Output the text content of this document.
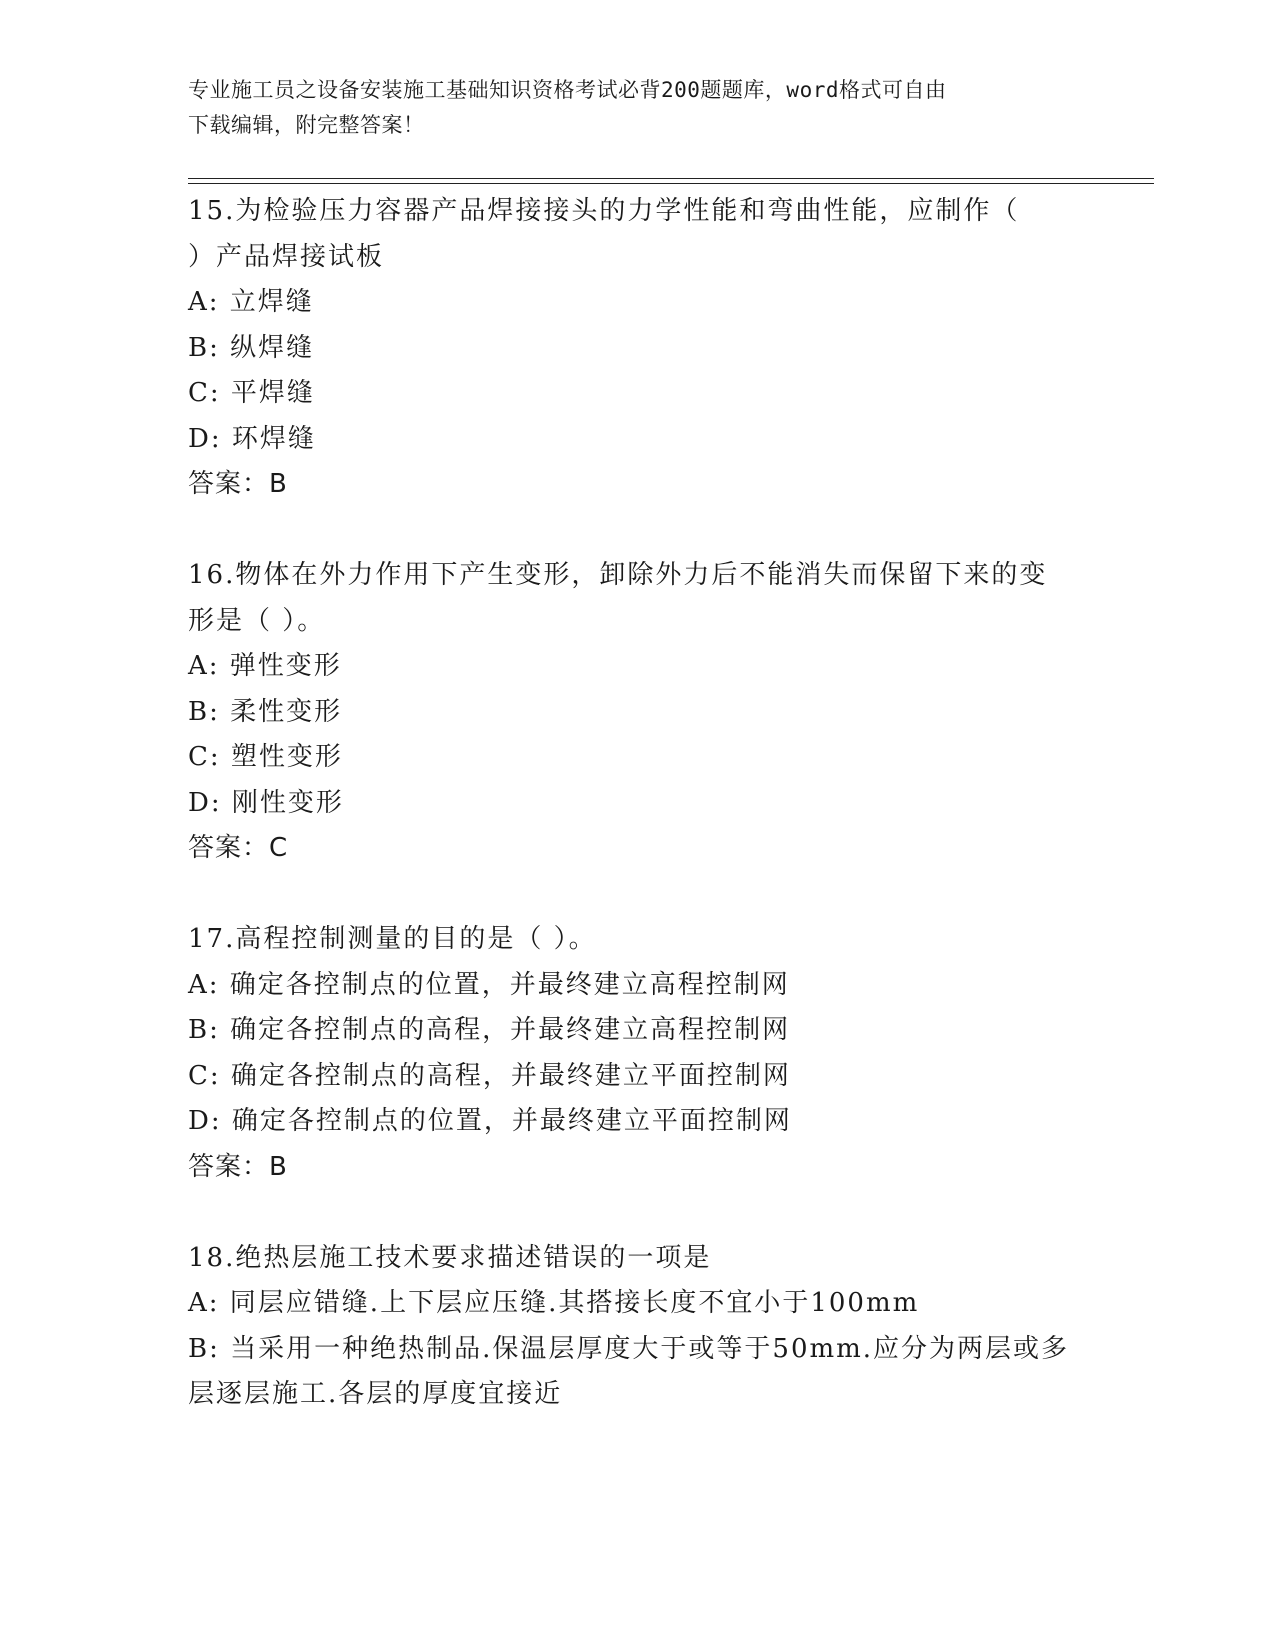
专业施工员之设备安装施工基础知识资格考试必背200题题库，word格式可自由
下载编辑，附完整答案！
15.为检验压力容器产品焊接接头的力学性能和弯曲性能，应制作（
）产品焊接试板
A: 立焊缝
B: 纵焊缝
C: 平焊缝
D: 环焊缝
答案：B
16.物体在外力作用下产生变形，卸除外力后不能消失而保留下来的变
形是（ ）。
A: 弹性变形
B: 柔性变形
C: 塑性变形
D: 刚性变形
答案：C
17.高程控制测量的目的是（ ）。
A: 确定各控制点的位置，并最终建立高程控制网
B: 确定各控制点的高程，并最终建立高程控制网
C: 确定各控制点的高程，并最终建立平面控制网
D: 确定各控制点的位置，并最终建立平面控制网
答案：B
18.绝热层施工技术要求描述错误的一项是
A: 同层应错缝.上下层应压缝.其搭接长度不宜小于100mm
B: 当采用一种绝热制品.保温层厚度大于或等于50mm.应分为两层或多
层逐层施工.各层的厚度宜接近
